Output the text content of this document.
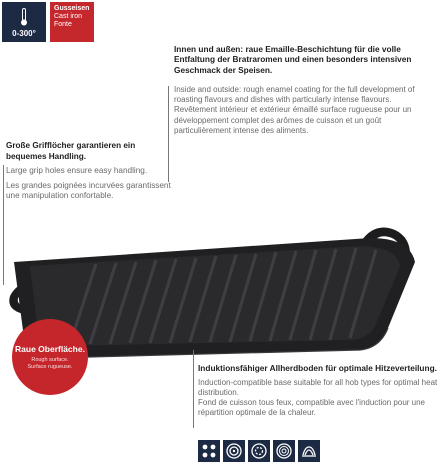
0-300°
Gusseisen
Cast iron
Fonte

Innen und außen: raue Emaille-Beschichtung für die volle Entfaltung der Bratraromen und einen besonders intensiven Geschmack der Speisen.

Inside and outside: rough enamel coating for the full development of roasting flavours and dishes with particularly intense flavours.

Revêtement intérieur et extérieur émaillé surface rugueuse pour un développement complet des arômes de cuisson et un goût particulièrement intense des aliments.

Große Grifflöcher garantieren ein bequemes Handling.

Large grip holes ensure easy handling.

Les grandes poignées incurvées garantissent une manipulation confortable.

Raue Oberfläche.
Rough surface.
Surface rugueuse.	Induktionsfähiger Allherdboden für optimale Hitzeverteilung.

Induction-compatible base suitable for all hob types for optimal heat distribution.

Fond de cuisson tous feux, compatible avec l'induction pour une répartition optimale de la chaleur.
